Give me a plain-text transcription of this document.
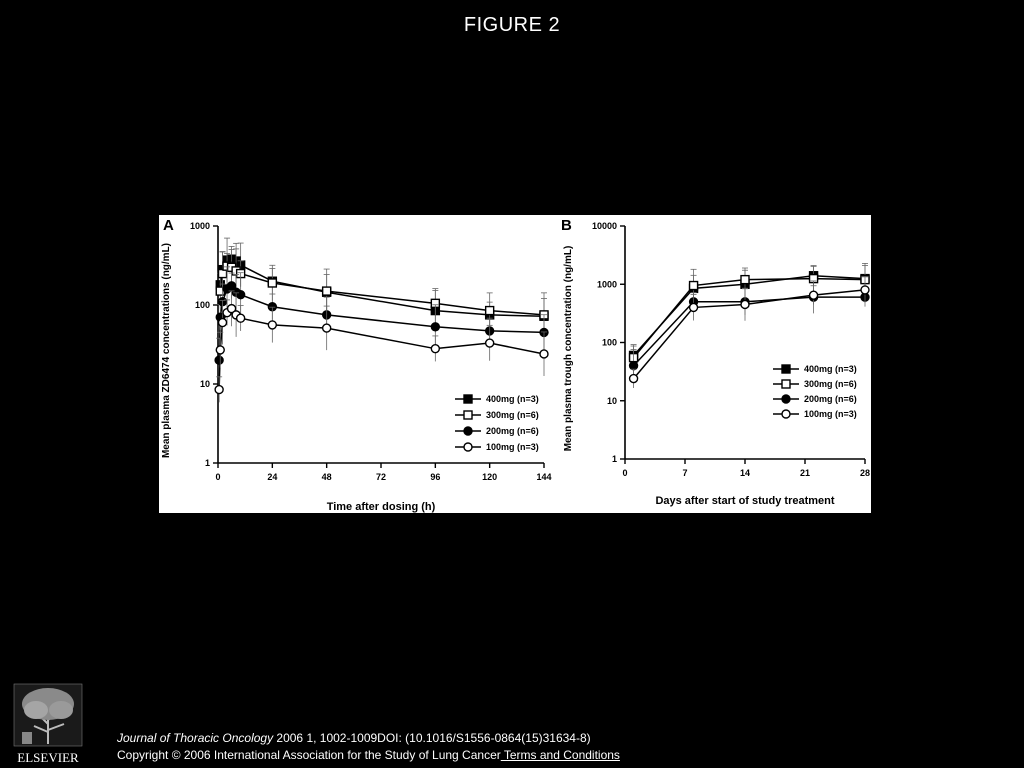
FIGURE 2
1
10
100
1000
0	24	48	72	96	120	144
A
Time after dosing (h)
Mean plasma ZD6474 concentrations (ng/mL)	400mg (n=3)
300mg (n=6)
200mg (n=6)
100mg (n=3)
1
10
100
1000
10000
0	7	14	21	28
B
Days after start of study treatment
Mean plasma trough concentration (ng/mL)	400mg (n=3)
300mg (n=6)
200mg (n=6)
100mg (n=3)
ELSEVIER
Journal of Thoracic Oncology 2006 1, 1002-1009DOI: (10.1016/S1556-0864(15)31634-8)
Copyright © 2006 International Association for the Study of Lung Cancer Terms and Conditions
